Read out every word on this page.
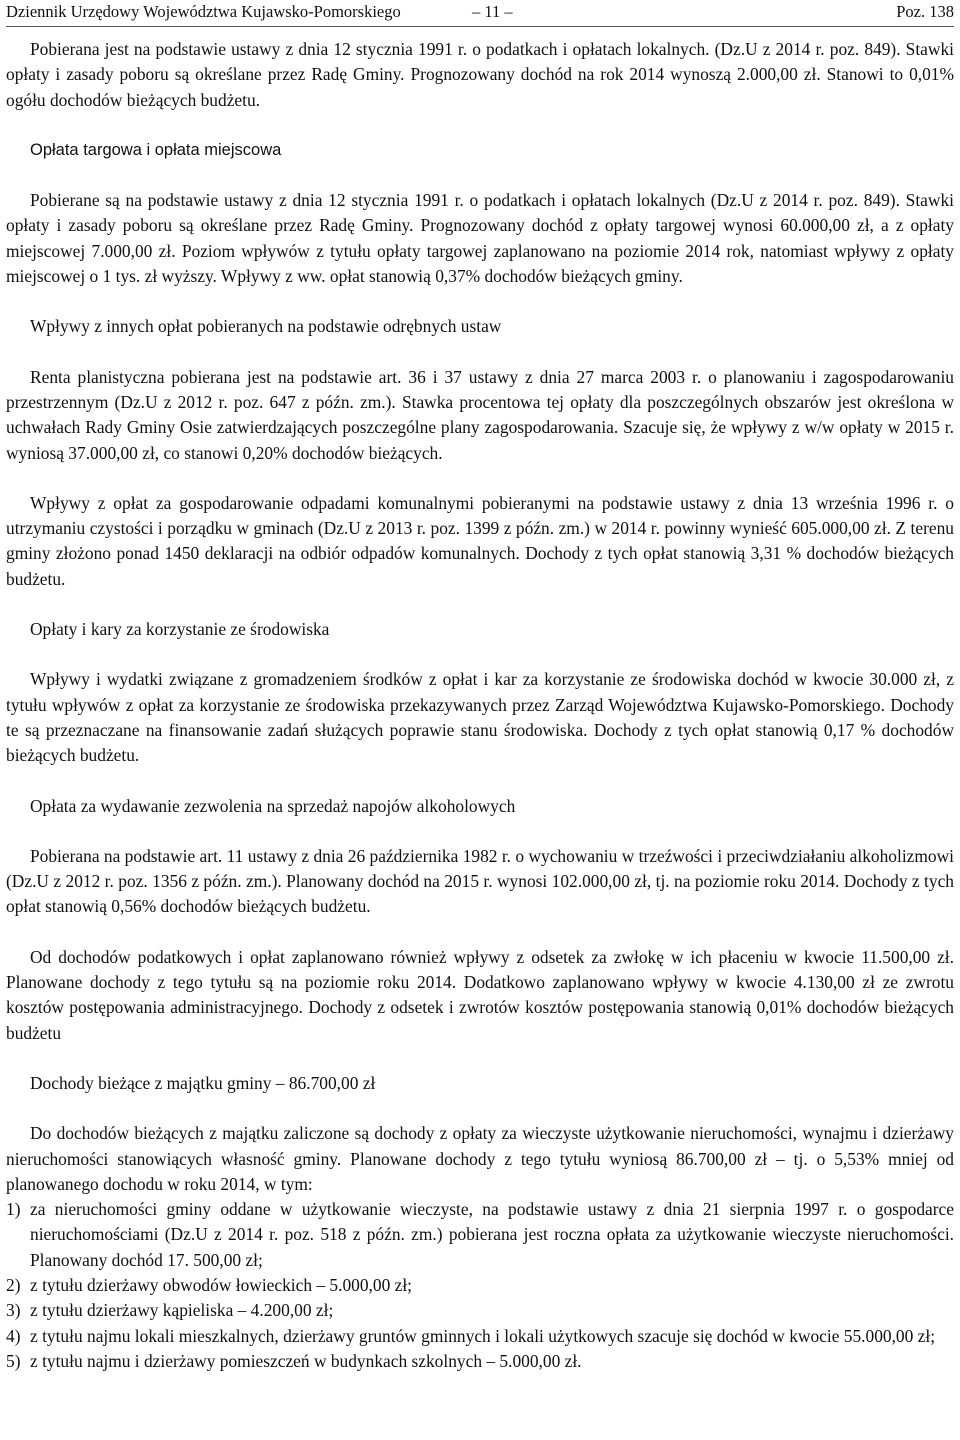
Dziennik Urzędowy Województwa Kujawsko-Pomorskiego	– 11 –	Poz. 138

Pobierana jest na podstawie ustawy z dnia 12 stycznia 1991 r. o podatkach i opłatach lokalnych. (Dz.U z 2014 r. poz. 849). Stawki opłaty i zasady poboru są określane przez Radę Gminy. Prognozowany dochód na rok 2014 wynoszą 2.000,00 zł. Stanowi to 0,01% ogółu dochodów bieżących budżetu.

Opłata targowa i opłata miejscowa

Pobierane są na podstawie ustawy z dnia 12 stycznia 1991 r. o podatkach i opłatach lokalnych (Dz.U z 2014 r. poz. 849). Stawki opłaty i zasady poboru są określane przez Radę Gminy. Prognozowany dochód z opłaty targowej wynosi 60.000,00 zł, a z opłaty miejscowej 7.000,00 zł. Poziom wpływów z tytułu opłaty targowej zaplanowano na poziomie 2014 rok, natomiast wpływy z opłaty miejscowej o 1 tys. zł wyższy. Wpływy z ww. opłat stanowią 0,37% dochodów bieżących gminy.

Wpływy z innych opłat pobieranych na podstawie odrębnych ustaw

Renta planistyczna pobierana jest na podstawie art. 36 i 37 ustawy z dnia 27 marca 2003 r. o planowaniu i zagospodarowaniu przestrzennym (Dz.U z 2012 r. poz. 647 z późn. zm.). Stawka procentowa tej opłaty dla poszczególnych obszarów jest określona w uchwałach Rady Gminy Osie zatwierdzających poszczególne plany zagospodarowania. Szacuje się, że wpływy z w/w opłaty w 2015 r. wyniosą 37.000,00 zł, co stanowi 0,20% dochodów bieżących.

Wpływy z opłat za gospodarowanie odpadami komunalnymi pobieranymi na podstawie ustawy z dnia 13 września 1996 r. o utrzymaniu czystości i porządku w gminach (Dz.U z 2013 r. poz. 1399 z późn. zm.) w 2014 r. powinny wynieść 605.000,00 zł. Z terenu gminy złożono ponad 1450 deklaracji na odbiór odpadów komunalnych. Dochody z tych opłat stanowią 3,31 % dochodów bieżących budżetu.

Opłaty i kary za korzystanie ze środowiska

Wpływy i wydatki związane z gromadzeniem środków z opłat i kar za korzystanie ze środowiska dochód w kwocie 30.000 zł, z tytułu wpływów z opłat za korzystanie ze środowiska przekazywanych przez Zarząd Województwa Kujawsko-Pomorskiego. Dochody te są przeznaczane na finansowanie zadań służących poprawie stanu środowiska. Dochody z tych opłat stanowią 0,17 % dochodów bieżących budżetu.

Opłata za wydawanie zezwolenia na sprzedaż napojów alkoholowych

Pobierana na podstawie art. 11 ustawy z dnia 26 października 1982 r. o wychowaniu w trzeźwości i przeciwdziałaniu alkoholizmowi (Dz.U z 2012 r. poz. 1356 z późn. zm.). Planowany dochód na 2015 r. wynosi 102.000,00 zł, tj. na poziomie roku 2014. Dochody z tych opłat stanowią 0,56% dochodów bieżących budżetu.

Od dochodów podatkowych i opłat zaplanowano również wpływy z odsetek za zwłokę w ich płaceniu w kwocie 11.500,00 zł. Planowane dochody z tego tytułu są na poziomie roku 2014. Dodatkowo zaplanowano wpływy w kwocie 4.130,00 zł ze zwrotu kosztów postępowania administracyjnego. Dochody z odsetek i zwrotów kosztów postępowania stanowią 0,01% dochodów bieżących budżetu

Dochody bieżące z majątku gminy – 86.700,00 zł

Do dochodów bieżących z majątku zaliczone są dochody z opłaty za wieczyste użytkowanie nieruchomości, wynajmu i dzierżawy nieruchomości stanowiących własność gminy. Planowane dochody z tego tytułu wyniosą 86.700,00 zł – tj. o 5,53% mniej od planowanego dochodu w roku 2014, w tym:

1) za nieruchomości gminy oddane w użytkowanie wieczyste, na podstawie ustawy z dnia 21 sierpnia 1997 r. o gospodarce nieruchomościami (Dz.U z 2014 r. poz. 518 z późn. zm.) pobierana jest roczna opłata za użytkowanie wieczyste nieruchomości. Planowany dochód 17. 500,00 zł;
2) z tytułu dzierżawy obwodów łowieckich – 5.000,00 zł;
3) z tytułu dzierżawy kąpieliska – 4.200,00 zł;
4) z tytułu najmu lokali mieszkalnych, dzierżawy gruntów gminnych i lokali użytkowych szacuje się dochód w kwocie 55.000,00 zł;
5) z tytułu najmu i dzierżawy pomieszczeń w budynkach szkolnych – 5.000,00 zł.
